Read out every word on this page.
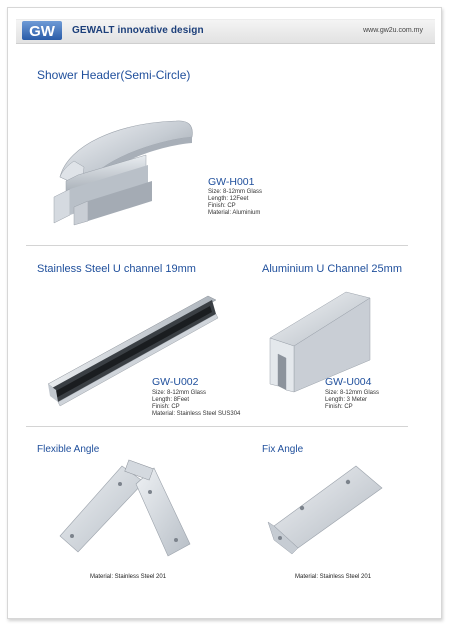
GW GEWALT innovative design	www.gw2u.com.my
Shower Header(Semi-Circle)
GW-H001
Size: 8-12mm Glass
Length: 12Feet
Finish: CP
Material: Aluminium
Stainless Steel U channel 19mm	Aluminium U Channel 25mm
GW-U002
Size: 8-12mm Glass
Length: 8Feet
Finish: CP
Material: Stainless Steel SUS304
GW-U004
Size: 8-12mm Glass
Length: 3 Meter
Finish: CP
Flexible Angle	Fix Angle
Material: Stainless Steel 201	Material: Stainless Steel 201
